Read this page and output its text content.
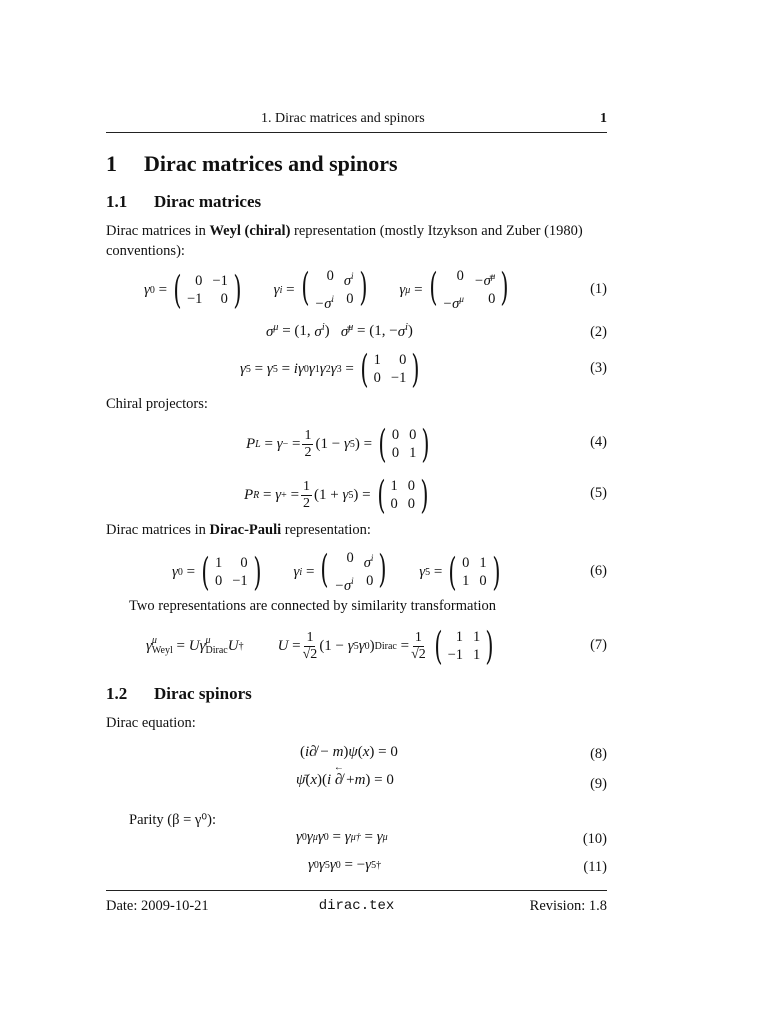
1. Dirac matrices and spinors	1
1 Dirac matrices and spinors
1.1 Dirac matrices
Dirac matrices in Weyl (chiral) representation (mostly Itzykson and Zuber (1980) conventions):
γ 0 = ( 0 −1
−1	0 ) γ i = (	0 $\sigma^i$
$-\sigma^i$ 0 ) γ μ = (	0 −σ̄$^\mu$
$-\sigma^\mu$	0 )	(1)
$\sigma^\mu = (1$, $\sigma^i$ ) σ̄$^\mu$ = (1, − $\sigma^i$ )	(2)
γ 5 = γ 5 = iγ 0 γ 1 γ 2 γ 3 = ( 1	0
0 −1 )	(3)
Chiral projectors:
P L = γ − = $\frac{1}{2} (1 - \gamma$ 5 ) = ( 0 0
0 1 )	(4)
P R = γ + = $\frac{1}{2} (1 + \gamma$ 5 ) = ( 1 0
0 0 )	(5)
Dirac matrices in Dirac-Pauli representation:
γ 0 = ( 1	0
0 −1 ) γ i = (	0 $\sigma^i$
$-\sigma^i$ 0 ) γ 5 = ( 0 1
1 0 )	(6)
Two representations are connected by similarity transformation
γ μ
Weyl = Uγ μ
Dirac U † $U = \frac{1}{√2} (1 - \gamma$ 5 γ 0 ) Dirac = $\frac{1}{√2}$ ( 1 1
−1 1 )	(7)
1.2 Dirac spinors
Dirac equation:
( i∂̸ − m ) ψ ( x ) = 0	(8)
ψ̄ ( x )( i
∂̸
←
+ m ) = 0	(9)
Parity (β = γ⁰):
γ 0 γ μ γ 0 = γ μ† = γ μ	(10)
γ 0 γ 5 γ 0 = − γ 5†	(11)
Date: 2009-10-21	dirac.tex	Revision: 1.8
